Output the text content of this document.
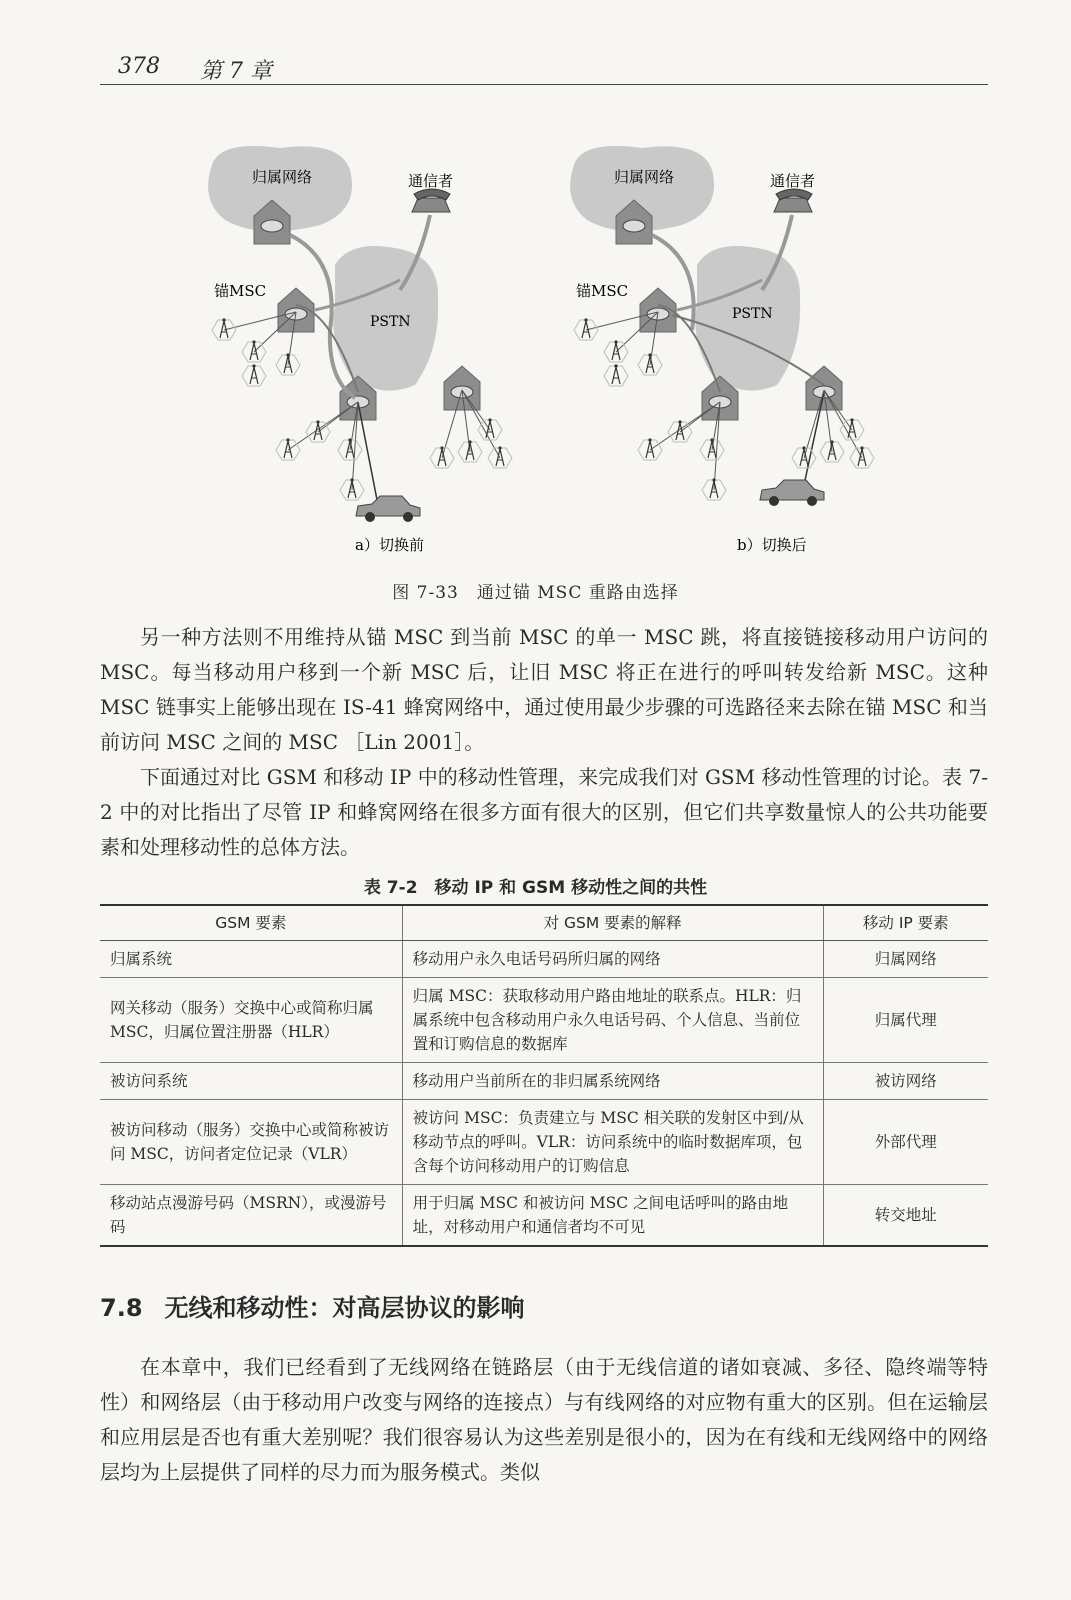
378 第 7 章
归属网络	通信者
锚MSC
PSTN
a）切换前
归属网络	通信者
锚MSC
PSTN
b）切换后
图 7-33　通过锚 MSC 重路由选择

另一种方法则不用维持从锚 MSC 到当前 MSC 的单一 MSC 跳，将直接链接移动用户访问的 MSC。每当移动用户移到一个新 MSC 后，让旧 MSC 将正在进行的呼叫转发给新 MSC。这种 MSC 链事实上能够出现在 IS-41 蜂窝网络中，通过使用最少步骤的可选路径来去除在锚 MSC 和当前访问 MSC 之间的 MSC ［Lin 2001］。

下面通过对比 GSM 和移动 IP 中的移动性管理，来完成我们对 GSM 移动性管理的讨论。表 7-2 中的对比指出了尽管 IP 和蜂窝网络在很多方面有很大的区别，但它们共享数量惊人的公共功能要素和处理移动性的总体方法。

表 7-2　移动 IP 和 GSM 移动性之间的共性
GSM 要素	对 GSM 要素的解释	移动 IP 要素
归属系统	移动用户永久电话号码所归属的网络	归属网络
网关移动（服务）交换中心或简称归属 MSC，归属位置注册器（HLR）	归属 MSC：获取移动用户路由地址的联系点。HLR：归属系统中包含移动用户永久电话号码、个人信息、当前位置和订购信息的数据库	归属代理
被访问系统	移动用户当前所在的非归属系统网络	被访网络
被访问移动（服务）交换中心或简称被访问 MSC，访问者定位记录（VLR）	被访问 MSC：负责建立与 MSC 相关联的发射区中到/从移动节点的呼叫。VLR：访问系统中的临时数据库项，包含每个访问移动用户的订购信息	外部代理
移动站点漫游号码（MSRN），或漫游号码	用于归属 MSC 和被访问 MSC 之间电话呼叫的路由地址，对移动用户和通信者均不可见	转交地址
7.8 无线和移动性：对高层协议的影响

在本章中，我们已经看到了无线网络在链路层（由于无线信道的诸如衰减、多径、隐终端等特性）和网络层（由于移动用户改变与网络的连接点）与有线网络的对应物有重大的区别。但在运输层和应用层是否也有重大差别呢？我们很容易认为这些差别是很小的，因为在有线和无线网络中的网络层均为上层提供了同样的尽力而为服务模式。类似
